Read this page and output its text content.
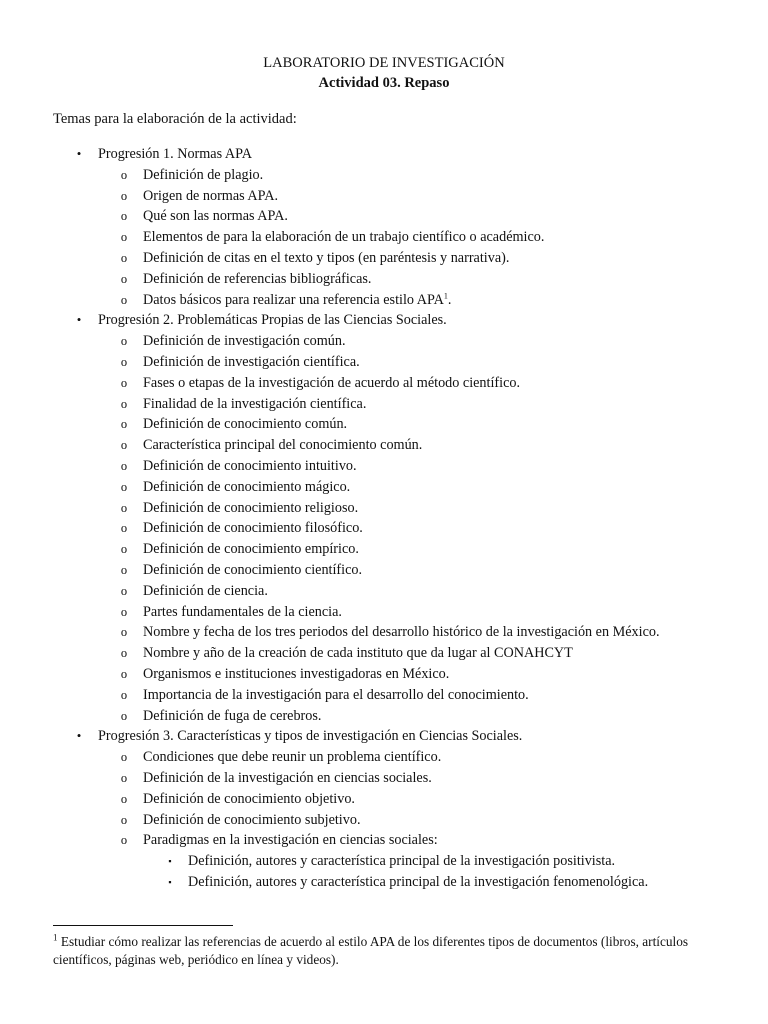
LABORATORIO DE INVESTIGACIÓN
Actividad 03. Repaso
Temas para la elaboración de la actividad:
•	Progresión 1. Normas APA
o Definición de plagio.
o Origen de normas APA.
o Qué son las normas APA.
o Elementos de para la elaboración de un trabajo científico o académico.
o Definición de citas en el texto y tipos (en paréntesis y narrativa).
o Definición de referencias bibliográficas.
o Datos básicos para realizar una referencia estilo APA$^1$.
•	Progresión 2. Problemáticas Propias de las Ciencias Sociales.
o Definición de investigación común.
o Definición de investigación científica.
o Fases o etapas de la investigación de acuerdo al método científico.
o Finalidad de la investigación científica.
o Definición de conocimiento común.
o Característica principal del conocimiento común.
o Definición de conocimiento intuitivo.
o Definición de conocimiento mágico.
o Definición de conocimiento religioso.
o Definición de conocimiento filosófico.
o Definición de conocimiento empírico.
o Definición de conocimiento científico.
o Definición de ciencia.
o Partes fundamentales de la ciencia.
o Nombre y fecha de los tres periodos del desarrollo histórico de la investigación en México.
o Nombre y año de la creación de cada instituto que da lugar al CONAHCYT
o Organismos e instituciones investigadoras en México.
o Importancia de la investigación para el desarrollo del conocimiento.
o Definición de fuga de cerebros.
•	Progresión 3. Características y tipos de investigación en Ciencias Sociales.
o Condiciones que debe reunir un problema científico.
o Definición de la investigación en ciencias sociales.
o Definición de conocimiento objetivo.
o Definición de conocimiento subjetivo.
o Paradigmas en la investigación en ciencias sociales:
▪	Definición, autores y característica principal de la investigación positivista.
▪	Definición, autores y característica principal de la investigación fenomenológica.
$^1$ Estudiar cómo realizar las referencias de acuerdo al estilo APA de los diferentes tipos de documentos (libros, artículos científicos, páginas web, periódico en línea y videos).
